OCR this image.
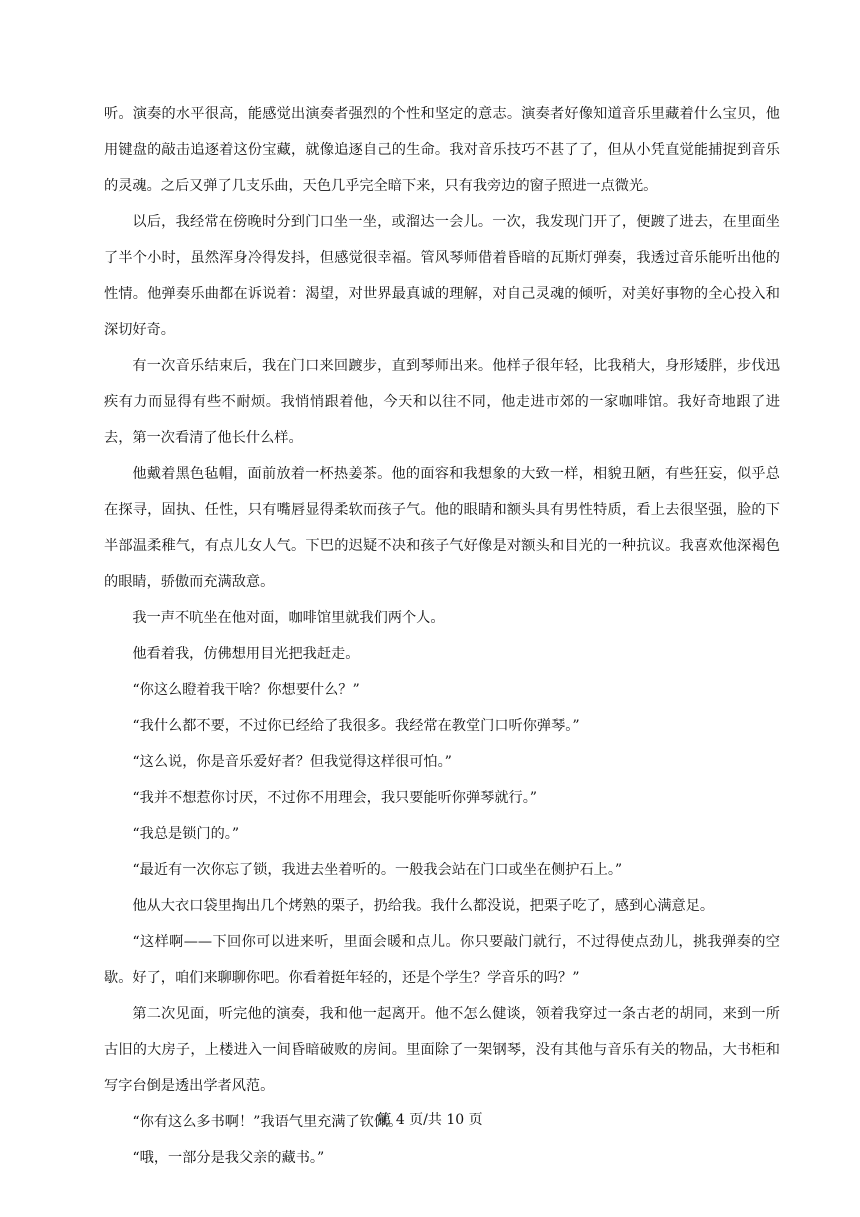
听。演奏的水平很高，能感觉出演奏者强烈的个性和坚定的意志。演奏者好像知道音乐里藏着什么宝贝，他用键盘的敲击追逐着这份宝藏，就像追逐自己的生命。我对音乐技巧不甚了了，但从小凭直觉能捕捉到音乐的灵魂。之后又弹了几支乐曲，天色几乎完全暗下来，只有我旁边的窗子照进一点微光。

以后，我经常在傍晚时分到门口坐一坐，或溜达一会儿。一次，我发现门开了，便踱了进去，在里面坐了半个小时，虽然浑身冷得发抖，但感觉很幸福。管风琴师借着昏暗的瓦斯灯弹奏，我透过音乐能听出他的性情。他弹奏乐曲都在诉说着：渴望，对世界最真诚的理解，对自己灵魂的倾听，对美好事物的全心投入和深切好奇。

有一次音乐结束后，我在门口来回踱步，直到琴师出来。他样子很年轻，比我稍大，身形矮胖，步伐迅疾有力而显得有些不耐烦。我悄悄跟着他，今天和以往不同，他走进市郊的一家咖啡馆。我好奇地跟了进去，第一次看清了他长什么样。

他戴着黑色毡帽，面前放着一杯热姜茶。他的面容和我想象的大致一样，相貌丑陋，有些狂妄，似乎总在探寻，固执、任性，只有嘴唇显得柔软而孩子气。他的眼睛和额头具有男性特质，看上去很坚强，脸的下半部温柔稚气，有点儿女人气。下巴的迟疑不决和孩子气好像是对额头和目光的一种抗议。我喜欢他深褐色的眼睛，骄傲而充满敌意。

我一声不吭坐在他对面，咖啡馆里就我们两个人。

他看着我，仿佛想用目光把我赶走。

“你这么瞪着我干啥？你想要什么？”

“我什么都不要，不过你已经给了我很多。我经常在教堂门口听你弹琴。”

“这么说，你是音乐爱好者？但我觉得这样很可怕。”

“我并不想惹你讨厌，不过你不用理会，我只要能听你弹琴就行。”

“我总是锁门的。”

“最近有一次你忘了锁，我进去坐着听的。一般我会站在门口或坐在侧护石上。”

他从大衣口袋里掏出几个烤熟的栗子，扔给我。我什么都没说，把栗子吃了，感到心满意足。

“这样啊——下回你可以进来听，里面会暖和点儿。你只要敲门就行，不过得使点劲儿，挑我弹奏的空歇。好了，咱们来聊聊你吧。你看着挺年轻的，还是个学生？学音乐的吗？”

第二次见面，听完他的演奏，我和他一起离开。他不怎么健谈，领着我穿过一条古老的胡同，来到一所古旧的大房子，上楼进入一间昏暗破败的房间。里面除了一架钢琴，没有其他与音乐有关的物品，大书柜和写字台倒是透出学者风范。

“你有这么多书啊！”我语气里充满了钦佩。

“哦，一部分是我父亲的藏书。”

第 4 页/共 10 页
